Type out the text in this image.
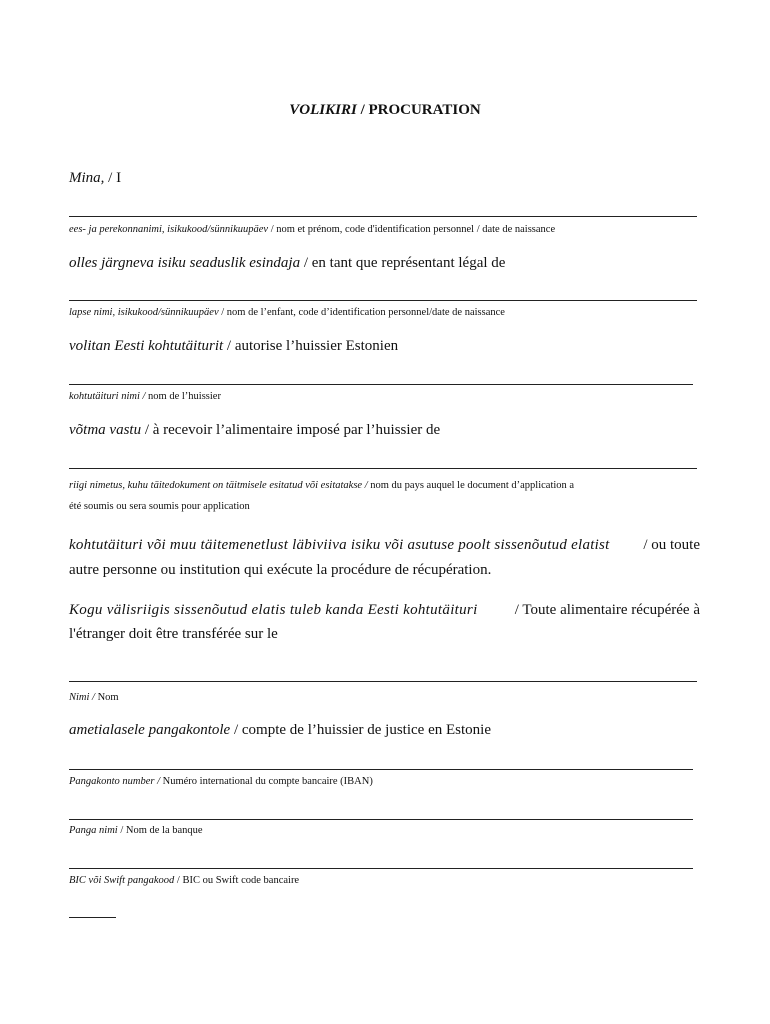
VOLIKIRI / PROCURATION
Mina, / I
ees- ja perekonnanimi, isikukood/sünnikuupäev / nom et prénom, code d'identification personnel / date de naissance
olles järgneva isiku seaduslik esindaja / en tant que représentant légal de
lapse nimi, isikukood/sünnikuupäev / nom de l’enfant, code d’identification personnel/date de naissance
volitan Eesti kohtutäiturit / autorise l’huissier Estonien
kohtutäituri nimi / nom de l’huissier
võtma vastu / à recevoir l’alimentaire imposé par l’huissier de
riigi nimetus, kuhu täitedokument on täitmisele esitatud või esitatakse / nom du pays auquel le document d’application a
été soumis ou sera soumis pour application
kohtutäituri või muu täitemenetlust läbiviiva isiku või asutuse poolt sissenõutud elatist / ou toute
autre personne ou institution qui exécute la procédure de récupération.
Kogu välisriigis sissenõutud elatis tuleb kanda Eesti kohtutäituri / Toute alimentaire récupérée à
l'étranger doit être transférée sur le
Nimi / Nom
ametialasele pangakontole / compte de l’huissier de justice en Estonie
Pangakonto number / Numéro international du compte bancaire (IBAN)
Panga nimi / Nom de la banque
BIC või Swift pangakood / BIC ou Swift code bancaire
